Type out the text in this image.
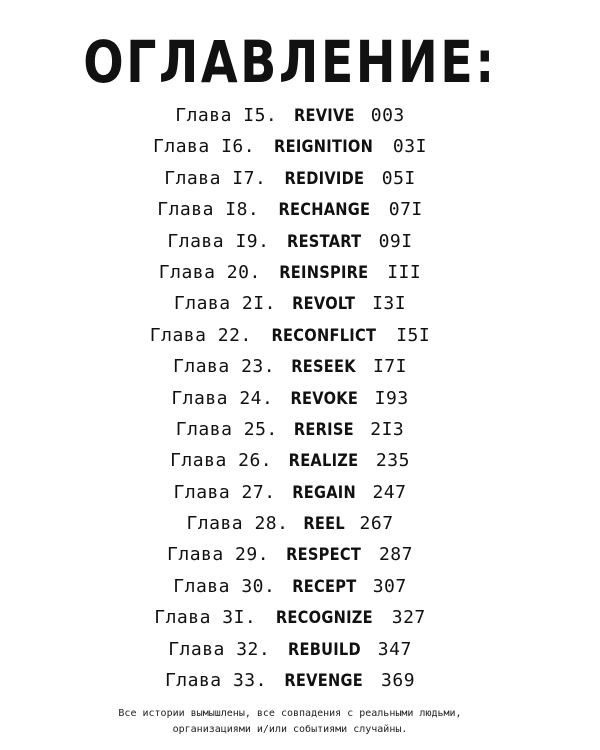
ОГЛАВЛЕНИЕ:
Глава I5. REVIVE 003
Глава I6. REIGNITION 03I
Глава I7. REDIVIDE 05I
Глава I8. RECHANGE 07I
Глава I9. RESTART 09I
Глава 20. REINSPIRE III
Глава 2I. REVOLT I3I
Глава 22. RECONFLICT I5I
Глава 23. RESEEK I7I
Глава 24. REVOKE I93
Глава 25. RERISE 2I3
Глава 26. REALIZE 235
Глава 27. REGAIN 247
Глава 28. REEL 267
Глава 29. RESPECT 287
Глава 30. RECEPT 307
Глава 3I. RECOGNIZE 327
Глава 32. REBUILD 347
Глава 33. REVENGE 369
Все истории вымышлены, все совпадения с реальными людьми,
организациями и/или событиями случайны.
